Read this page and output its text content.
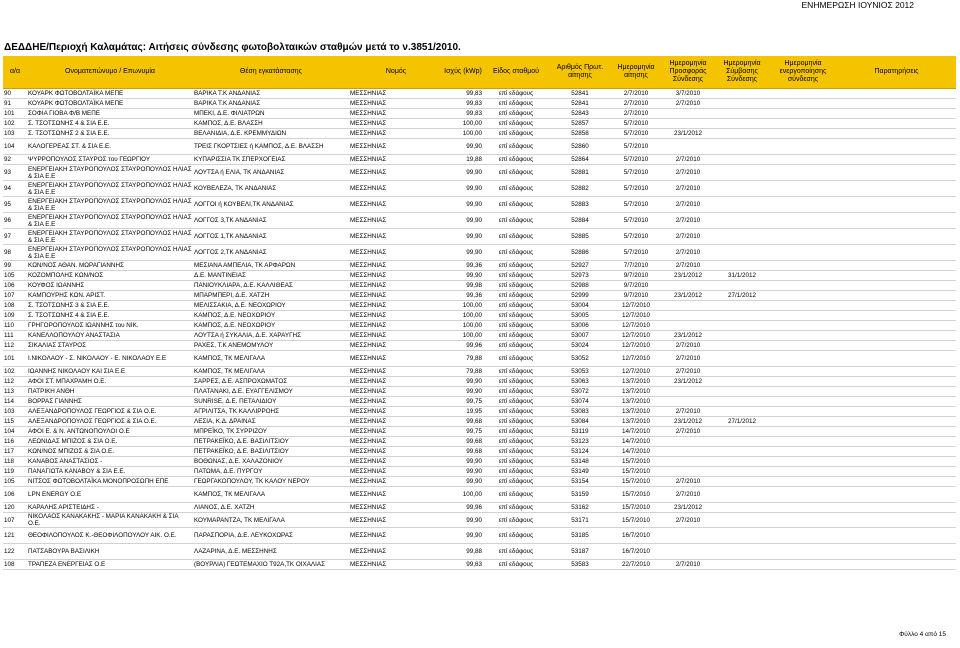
ΕΝΗΜΕΡΩΣΗ ΙΟΥΝΙΟΣ 2012
ΔΕΔΔΗΕ/Περιοχή Καλαμάτας: Αιτήσεις σύνδεσης φωτοβολταικών σταθμών μετά το ν.3851/2010.
α/α	Ονοματεπώνυμο / Επωνυμία	Θέση εγκατάστασης	Νομός	Ισχύς (kWp)	Είδος σταθμού	Αριθμός Πρωτ. αίτησης	Ημερομηνία αίτησης	Ημερομηνία Προσφοράς Σύνδεσης	Ημερομηνία Σύμβασης Σύνδεσης	Ημερομηνία ενεργοποίησης σύνδεσης	Παρατηρήσεις
90	ΚΟΥΑΡΚ ΦΩΤΟΒΟΛΤΑΪΚΑ ΜΕΠΕ	ΒΑΡΙΚΑ Τ.Κ ΑΝΔΑΝΙΑΣ	ΜΕΣΣΗΝΙΑΣ	99,83	επί εδάφους	52841	2/7/2010	3/7/2010			
91	ΚΟΥΑΡΚ ΦΩΤΟΒΟΛΤΑΪΚΑ ΜΕΠΕ	ΒΑΡΙΚΑ Τ.Κ ΑΝΔΑΝΙΑΣ	ΜΕΣΣΗΝΙΑΣ	99,83	επί εδάφους	52841	2/7/2010	2/7/2010			
101	ΣΟΦΙΑ ΓΙΟΒΑ Φ/Β ΜΕΠΕ	ΜΠΕΚΙ, Δ.Ε. ΦΙΛΙΑΤΡΩΝ	ΜΕΣΣΗΝΙΑΣ	99,83	επί εδάφους	52843	2/7/2010				
102	Σ. ΤΣΟΤΣΩΝΗΣ 4 & ΣΙΑ Ε.Ε.	ΚΑΜΠΟΣ, Δ.Ε. ΒΛΑΣΣΗ	ΜΕΣΣΗΝΙΑΣ	100,00	επί εδάφους	52857	5/7/2010				
103	Σ. ΤΣΟΤΣΩΝΗΣ 2 & ΣΙΑ Ε.Ε.	ΒΕΛΑΝΙΔΙΑ, Δ.Ε. ΚΡΕΜΜΥΔΙΩΝ	ΜΕΣΣΗΝΙΑΣ	100,00	επί εδάφους	52858	5/7/2010	23/1/2012			
104	ΚΑΛΟΓΕΡΕΑΣ ΣΤ. & ΣΙΑ Ε.Ε.	ΤΡΕΙΣ ΓΚΟΡΤΣΙΕΣ ή ΚΑΜΠΟΣ, Δ.Ε. ΒΛΑΣΣΗ	ΜΕΣΣΗΝΙΑΣ	99,90	επί εδάφους	52860	5/7/2010				
92	ΨΥΡΡΟΠΟΥΛΟΣ ΣΤΑΥΡΟΣ του ΓΕΩΡΓΙΟΥ	ΚΥΠΑΡΙΣΣΙΑ ΤΚ ΣΠΕΡΧΟΓΕΙΑΣ	ΜΕΣΣΗΝΙΑΣ	19,88	επί εδάφους	52864	5/7/2010	2/7/2010			
93	ΕΝΕΡΓΕΙΑΚΗ ΣΤΑΥΡΟΠΟΥΛΟΣ ΣΤΑΥΡΟΠΟΥΛΟΣ ΗΛΙΑΣ & ΣΙΑ Ε.Ε	ΛΟΥΤΣΑ ή ΕΛΙΑ, ΤΚ ΑΝΔΑΝΙΑΣ	ΜΕΣΣΗΝΙΑΣ	99,90	επί εδάφους	52881	5/7/2010	2/7/2010			
94	ΕΝΕΡΓΕΙΑΚΗ ΣΤΑΥΡΟΠΟΥΛΟΣ ΣΤΑΥΡΟΠΟΥΛΟΣ ΗΛΙΑΣ & ΣΙΑ Ε.Ε	ΚΟΥΒΕΛΕΖΑ, ΤΚ ΑΝΔΑΝΙΑΣ	ΜΕΣΣΗΝΙΑΣ	99,90	επί εδάφους	52882	5/7/2010	2/7/2010			
95	ΕΝΕΡΓΕΙΑΚΗ ΣΤΑΥΡΟΠΟΥΛΟΣ ΣΤΑΥΡΟΠΟΥΛΟΣ ΗΛΙΑΣ & ΣΙΑ Ε.Ε	ΛΟΓΓΟΙ ή ΚΟΥΒΕΛΙ,ΤΚ ΑΝΔΑΝΙΑΣ	ΜΕΣΣΗΝΙΑΣ	99,90	επί εδάφους	52883	5/7/2010	2/7/2010			
96	ΕΝΕΡΓΕΙΑΚΗ ΣΤΑΥΡΟΠΟΥΛΟΣ ΣΤΑΥΡΟΠΟΥΛΟΣ ΗΛΙΑΣ & ΣΙΑ Ε.Ε	ΛΟΓΓΟΣ 3,ΤΚ ΑΝΔΑΝΙΑΣ	ΜΕΣΣΗΝΙΑΣ	99,90	επί εδάφους	52884	5/7/2010	2/7/2010			
97	ΕΝΕΡΓΕΙΑΚΗ ΣΤΑΥΡΟΠΟΥΛΟΣ ΣΤΑΥΡΟΠΟΥΛΟΣ ΗΛΙΑΣ & ΣΙΑ Ε.Ε	ΛΟΓΓΟΣ 1,ΤΚ ΑΝΔΑΝΙΑΣ	ΜΕΣΣΗΝΙΑΣ	99,90	επί εδάφους	52885	5/7/2010	2/7/2010			
98	ΕΝΕΡΓΕΙΑΚΗ ΣΤΑΥΡΟΠΟΥΛΟΣ ΣΤΑΥΡΟΠΟΥΛΟΣ ΗΛΙΑΣ & ΣΙΑ Ε.Ε	ΛΟΓΓΟΣ 2,ΤΚ ΑΝΔΑΝΙΑΣ	ΜΕΣΣΗΝΙΑΣ	99,90	επί εδάφους	52886	5/7/2010	2/7/2010			
99	ΚΩΝ/ΝΟΣ ΑΘΑΝ. ΜΩΡΑΓΙΑΝΝΗΣ	ΜΕΣΙΑΝΑ ΑΜΠΕΛΙΑ, ΤΚ ΑΡΦΑΡΩΝ	ΜΕΣΣΗΝΙΑΣ	99,36	επί εδάφους	52927	7/7/2010	2/7/2010			
105	ΚΟΖΟΜΠΟΛΗΣ ΚΩΝ/ΝΟΣ	Δ.Ε. ΜΑΝΤΙΝΕΙΑΣ	ΜΕΣΣΗΝΙΑΣ	99,90	επί εδάφους	52973	9/7/2010	23/1/2012	31/1/2012		
106	ΚΟΥΦΟΣ ΙΩΑΝΝΗΣ	ΠΑΝΙΟΥΚΛΙΑΡΑ, Δ.Ε. ΚΑΛΛΙΘΕΑΣ	ΜΕΣΣΗΝΙΑΣ	99,98	επί εδάφους	52988	9/7/2010				
107	ΚΑΜΠΟΥΡΗΣ ΚΩΝ. ΑΡΙΣΤ.	ΜΠΑΡΜΠΕΡΙ, Δ.Ε. ΧΑΤΖΗ	ΜΕΣΣΗΝΙΑΣ	99,36	επί εδάφους	52999	9/7/2010	23/1/2012	27/1/2012		
108	Σ. ΤΣΟΤΣΩΝΗΣ 3 & ΣΙΑ Ε.Ε.	ΜΕΛΙΣΣΑΚΙΑ, Δ.Ε. ΝΕΟΧΩΡΙΟΥ	ΜΕΣΣΗΝΙΑΣ	100,00	επί εδάφους	53004	12/7/2010				
109	Σ. ΤΣΟΤΣΩΝΗΣ 4 & ΣΙΑ Ε.Ε.	ΚΑΜΠΟΣ, Δ.Ε. ΝΕΟΧΩΡΙΟΥ	ΜΕΣΣΗΝΙΑΣ	100,00	επί εδάφους	53005	12/7/2010				
110	ΓΡΗΓΟΡΟΠΟΥΛΟΣ ΙΩΑΝΝΗΣ του ΝΙΚ.	ΚΑΜΠΟΣ, Δ.Ε. ΝΕΟΧΩΡΙΟΥ	ΜΕΣΣΗΝΙΑΣ	100,00	επί εδάφους	53006	12/7/2010				
111	ΚΑΝΕΛΛΟΠΟΥΛΟΥ ΑΝΑΣΤΑΣΙΑ	ΛΟΥΤΣΑ ή ΣΥΚΑΛΙΑ, Δ.Ε. ΧΑΡΑΥΓΗΣ	ΜΕΣΣΗΝΙΑΣ	100,00	επί εδάφους	53007	12/7/2010	23/1/2012			
112	ΣΙΚΑΛΙΑΣ ΣΤΑΥΡΟΣ	ΡΑΧΕΣ, Τ.Κ ΑΝΕΜΟΜΥΛΟΥ	ΜΕΣΣΗΝΙΑΣ	99,96	επί εδάφους	53024	12/7/2010	2/7/2010			
101	Ι.ΝΙΚΟΛΑΟΥ - Σ. ΝΙΚΟΛΑΟΥ - Ε. ΝΙΚΟΛΑΟΥ Ε.Ε	ΚΑΜΠΟΣ, ΤΚ ΜΕΛΙΓΑΛΑ	ΜΕΣΣΗΝΙΑΣ	79,88	επί εδάφους	53052	12/7/2010	2/7/2010			
102	ΙΩΑΝΝΗΣ ΝΙΚΟΛΑΟΥ ΚΑΙ ΣΙΑ Ε.Ε	ΚΑΜΠΟΣ, ΤΚ ΜΕΛΙΓΑΛΑ	ΜΕΣΣΗΝΙΑΣ	79,88	επί εδάφους	53053	12/7/2010	2/7/2010			
112	ΑΦΟΙ ΣΤ. ΜΠΑΧΡΑΜΗ Ο.Ε.	ΣΑΡΡΕΣ, Δ.Ε. ΑΣΠΡΟΧΩΜΑΤΟΣ	ΜΕΣΣΗΝΙΑΣ	99,90	επί εδάφους	53063	13/7/2010	23/1/2012			
113	ΠΑΤΡΙΚΗ ΑΝΘΗ	ΠΛΑΤΑΝΑΚΙ, Δ.Ε. ΕΥΑΓΓΕΛΙΣΜΟΥ	ΜΕΣΣΗΝΙΑΣ	99,90	επί εδάφους	53072	13/7/2010				
114	ΒΟΡΡΑΣ ΓΙΑΝΝΗΣ	SUNRISE, Δ.Ε. ΠΕΤΑΛΙΔΙΟΥ	ΜΕΣΣΗΝΙΑΣ	99,75	επί εδάφους	53074	13/7/2010				
103	ΑΛΕΞΑΝΔΡΟΠΟΥΛΟΣ ΓΕΩΡΓΙΟΣ & ΣΙΑ Ο.Ε.	ΑΓΡΙΛΙΤΣΑ, ΤΚ ΚΑΛΛΙΡΡΟΗΣ	ΜΕΣΣΗΝΙΑΣ	19,95	επί εδάφους	53083	13/7/2010	2/7/2010			
115	ΑΛΕΞΑΝΔΡΟΠΟΥΛΟΣ ΓΕΩΡΓΙΟΣ & ΣΙΑ Ο.Ε.	ΛΕΣΙΑ, Κ.Δ. ΔΡΑΙΝΑΣ	ΜΕΣΣΗΝΙΑΣ	99,68	επί εδάφους	53084	13/7/2010	23/1/2012	27/1/2012		
104	ΑΦΟΙ Ε. & Ν. ΑΝΤΩΝΟΠΟΥΛΟΙ Ο.Ε	ΜΠΡΕΪΚΟ, ΤΚ ΣΥΡΡΙΖΟΥ	ΜΕΣΣΗΝΙΑΣ	99,75	επί εδάφους	53119	14/7/2010	2/7/2010			
116	ΛΕΩΝΙΔΑΣ ΜΠΙΖΟΣ & ΣΙΑ Ο.Ε.	ΠΕΤΡΑΚΕΪΚΟ, Δ.Ε. ΒΑΣΙΛΙΤΣΙΟΥ	ΜΕΣΣΗΝΙΑΣ	99,68	επί εδάφους	53123	14/7/2010				
117	ΚΩΝ/ΝΟΣ ΜΠΙΖΟΣ & ΣΙΑ Ο.Ε.	ΠΕΤΡΑΚΕΪΚΟ, Δ.Ε. ΒΑΣΙΛΙΤΣΙΟΥ	ΜΕΣΣΗΝΙΑΣ	99,68	επί εδάφους	53124	14/7/2010				
118	ΚΑΝΑΒΟΣ ΑΝΑΣΤΑΣΙΟΣ -	ΒΟΘΩΝΑΣ, Δ.Ε. ΧΑΛΑΖΟΝΙΟΥ	ΜΕΣΣΗΝΙΑΣ	99,90	επί εδάφους	53148	15/7/2010				
119	ΠΑΝΑΓΙΩΤΑ ΚΑΝΑΒΟΥ & ΣΙΑ Ε.Ε.	ΠΑΤΩΜΑ, Δ.Ε. ΠΥΡΓΟΥ	ΜΕΣΣΗΝΙΑΣ	99,90	επί εδάφους	53149	15/7/2010				
105	ΝΙΤΣΟΣ ΦΩΤΟΒΟΛΤΑΪΚΑ ΜΟΝΟΠΡΟΣΩΠΗ ΕΠΕ	ΓΕΩΡΓΑΚΟΠΟΥΛΟΥ, ΤΚ ΚΑΛΟΥ ΝΕΡΟΥ	ΜΕΣΣΗΝΙΑΣ	99,90	επί εδάφους	53154	15/7/2010	2/7/2010			
106	LPN ENERGY O.E	ΚΑΜΠΟΣ, ΤΚ ΜΕΛΙΓΑΛΑ	ΜΕΣΣΗΝΙΑΣ	100,00	επί εδάφους	53159	15/7/2010	2/7/2010			
120	ΚΑΡΑΛΗΣ ΑΡΙΣΤΕΙΔΗΣ -	ΛΙΑΝΟΣ, Δ.Ε. ΧΑΤΖΗ	ΜΕΣΣΗΝΙΑΣ	99,96	επί εδάφους	53162	15/7/2010	23/1/2012			
107	ΝΙΚΟΛΑΟΣ ΚΑΝΑΚΑΚΗΣ - ΜΑΡΙΑ ΚΑΝΑΚΑΚΗ & ΣΙΑ Ο.Ε.	ΚΟΥΜΑΡΑΝΤΖΑ, ΤΚ ΜΕΛΙΓΑΛΑ	ΜΕΣΣΗΝΙΑΣ	99,90	επί εδάφους	53171	15/7/2010	2/7/2010			
121	ΘΕΟΦΙΛΟΠΟΥΛΟΣ Κ.-ΘΕΟΦΙΛΟΠΟΥΛΟΥ ΑΙΚ. Ο.Ε.	ΠΑΡΑΣΠΟΡΙΑ, Δ.Ε. ΛΕΥΚΟΧΩΡΑΣ	ΜΕΣΣΗΝΙΑΣ	99,90	επί εδάφους	53185	16/7/2010				
122	ΠΑΤΣΑΒΟΥΡΑ ΒΑΣΙΛΙΚΗ	ΛΑΖΑΡΙΝΑ, Δ.Ε. ΜΕΣΣΗΝΗΣ	ΜΕΣΣΗΝΙΑΣ	99,88	επί εδάφους	53187	16/7/2010				
108	ΤΡΑΠΕΖΑ ΕΝΕΡΓΕΙΑΣ Ο.Ε	(ΒΟΥΡΛΙΑ) ΓΕΩΤΕΜΑΧΙΟ Τ92Α,ΤΚ ΟΙΧΑΛΙΑΣ	ΜΕΣΣΗΝΙΑΣ	99,63	επί εδάφους	53583	22/7/2010	2/7/2010			
Φύλλο 4 από 15
